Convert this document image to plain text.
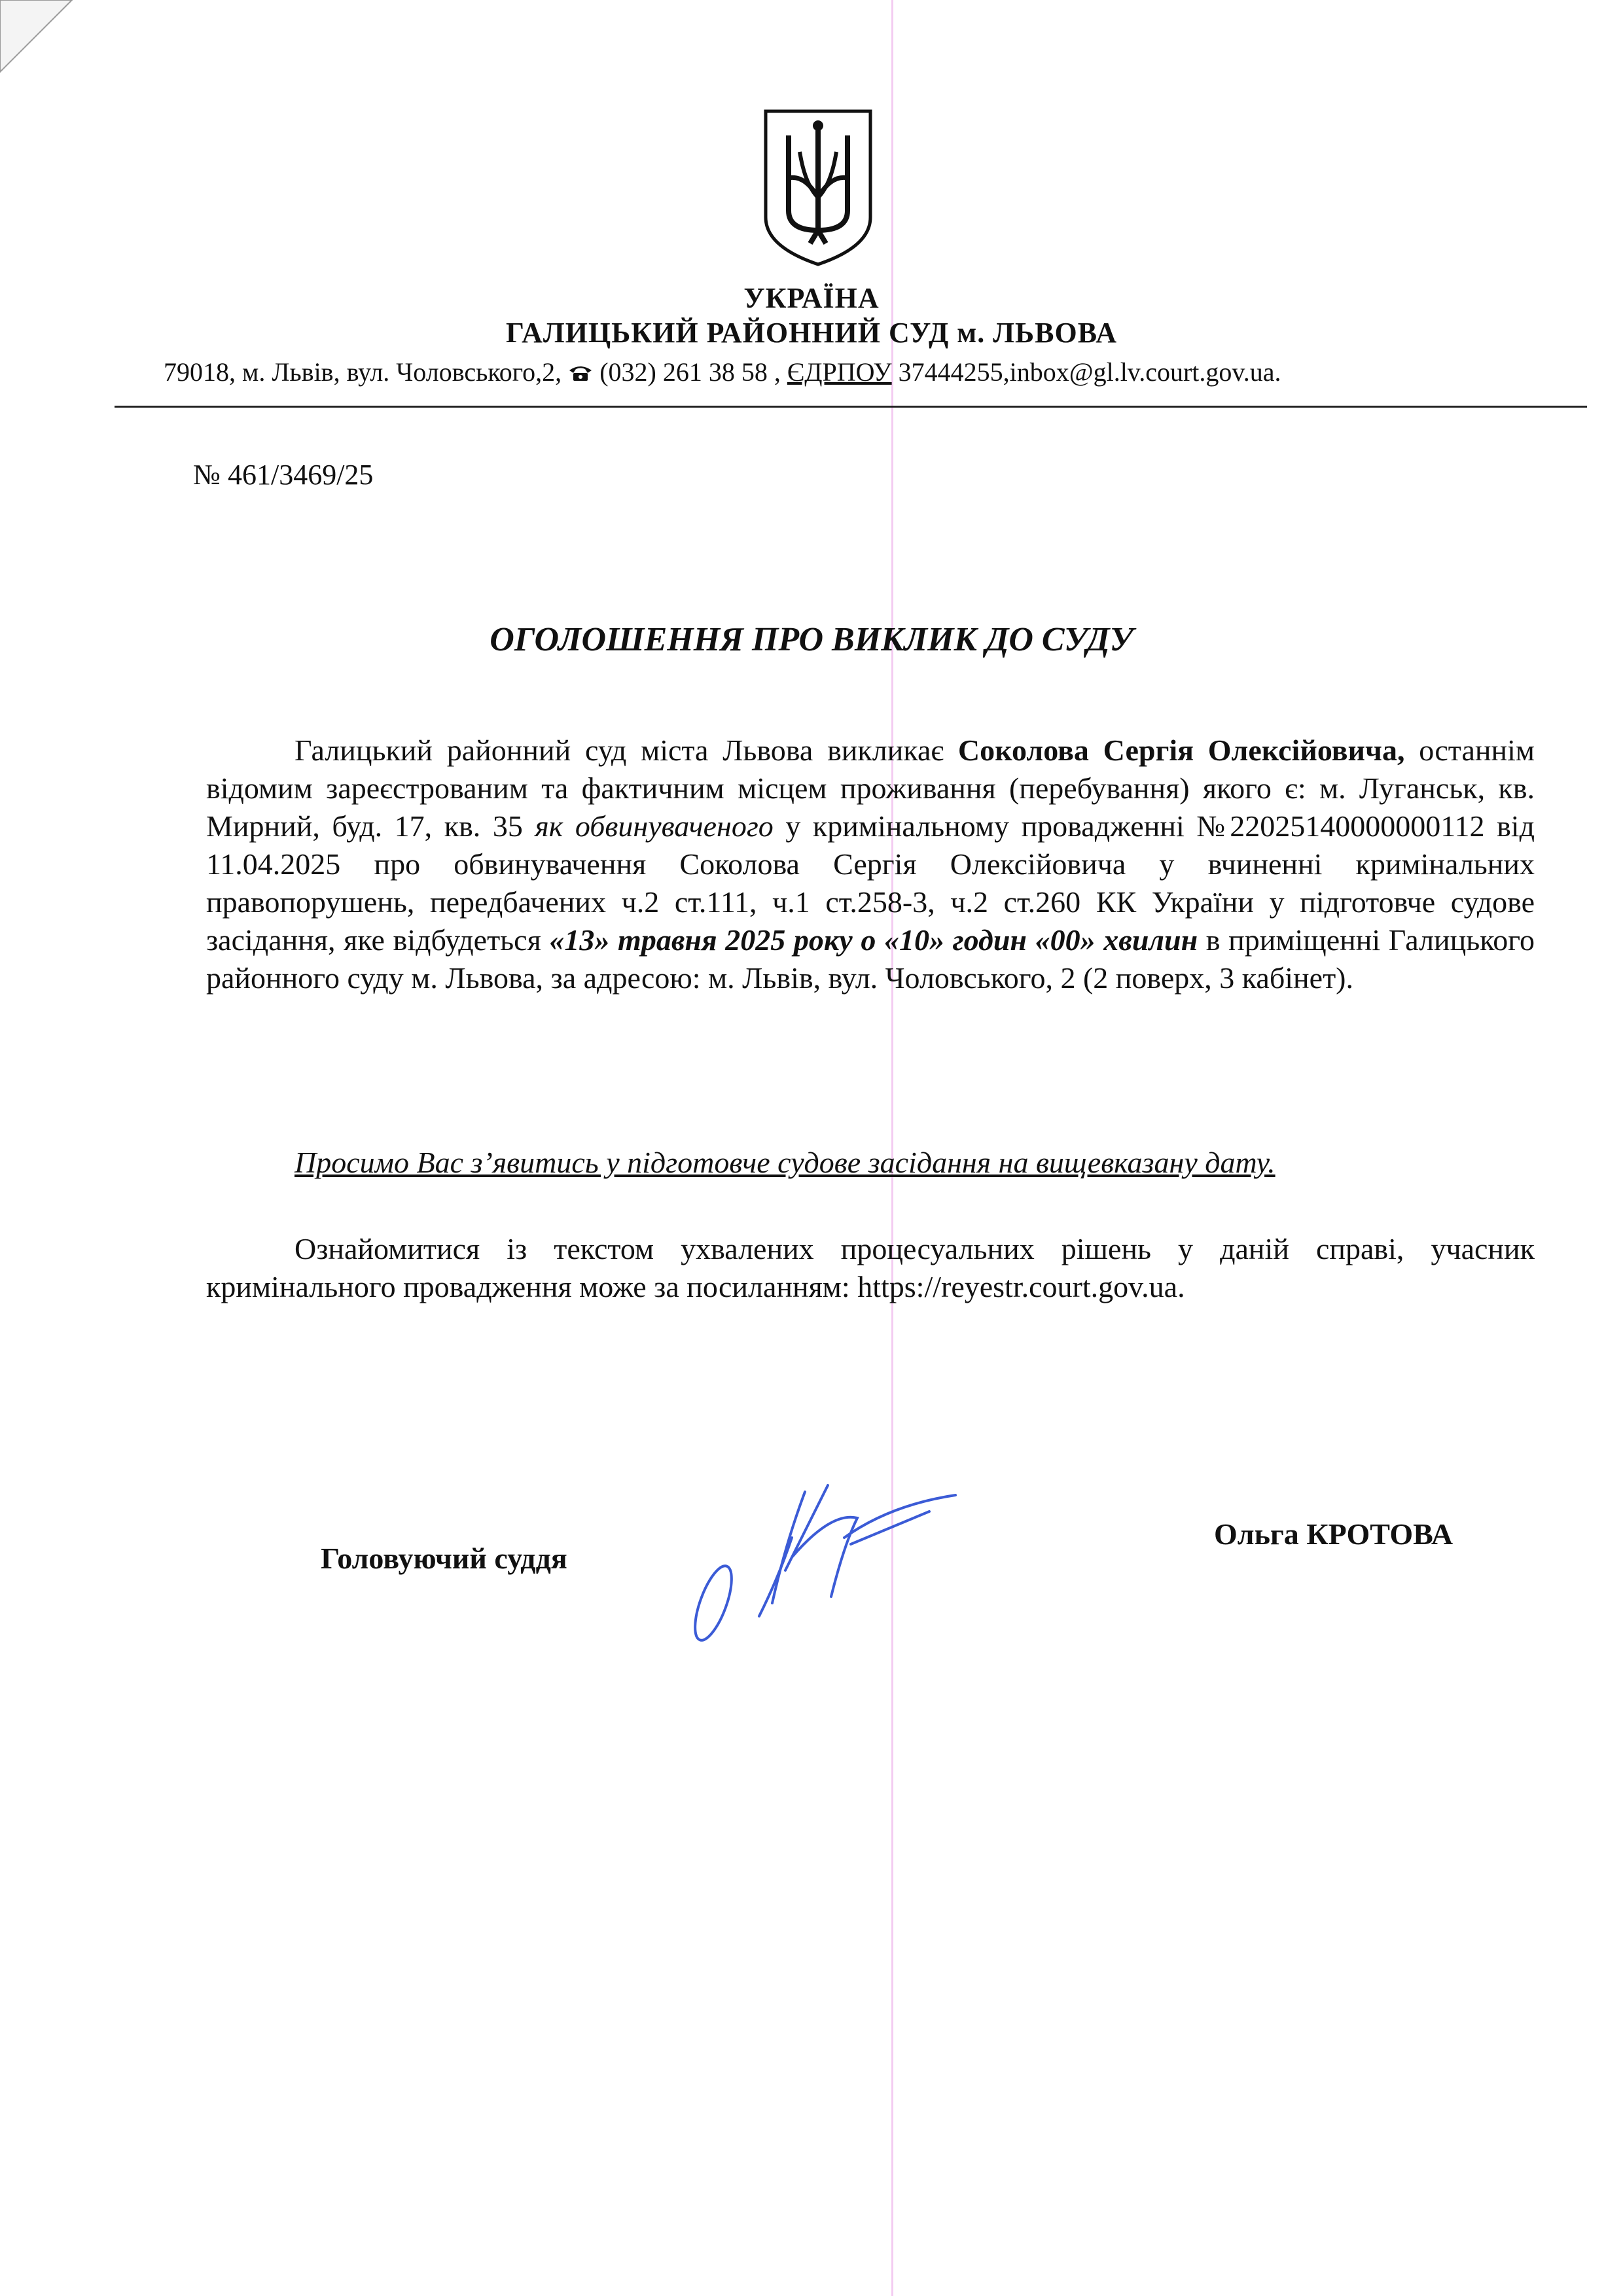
УКРАЇНА
ГАЛИЦЬКИЙ РАЙОННИЙ СУД м. ЛЬВОВА
79018, м. Львів, вул. Чоловського,2, (032) 261 38 58 , ЄДРПОУ 37444255,inbox@gl.lv.court.gov.ua.
№ 461/3469/25
ОГОЛОШЕННЯ ПРО ВИКЛИК ДО СУДУ

Галицький районний суд міста Львова викликає Соколова Сергія Олексійовича, останнім відомим зареєстрованим та фактичним місцем проживання (перебування) якого є: м. Луганськ, кв. Мирний, буд. 17, кв. 35 як обвинуваченого у кримінальному провадженні №22025140000000112 від 11.04.2025 про обвинувачення Соколова Сергія Олексійовича у вчиненні кримінальних правопорушень, передбачених ч.2 ст.111, ч.1 ст.258-3, ч.2 ст.260 КК України у підготовче судове засідання, яке відбудеться «13» травня 2025 року о «10» годин «00» хвилин в приміщенні Галицького районного суду м. Львова, за адресою: м. Львів, вул. Чоловського, 2 (2 поверх, 3 кабінет).

Просимо Вас з’явитись у підготовче судове засідання на вищевказану дату.

Ознайомитися із текстом ухвалених процесуальних рішень у даній справі, учасник кримінального провадження може за посиланням: https://reyestr.court.gov.ua.

Головуючий суддя
Ольга КРОТОВА
